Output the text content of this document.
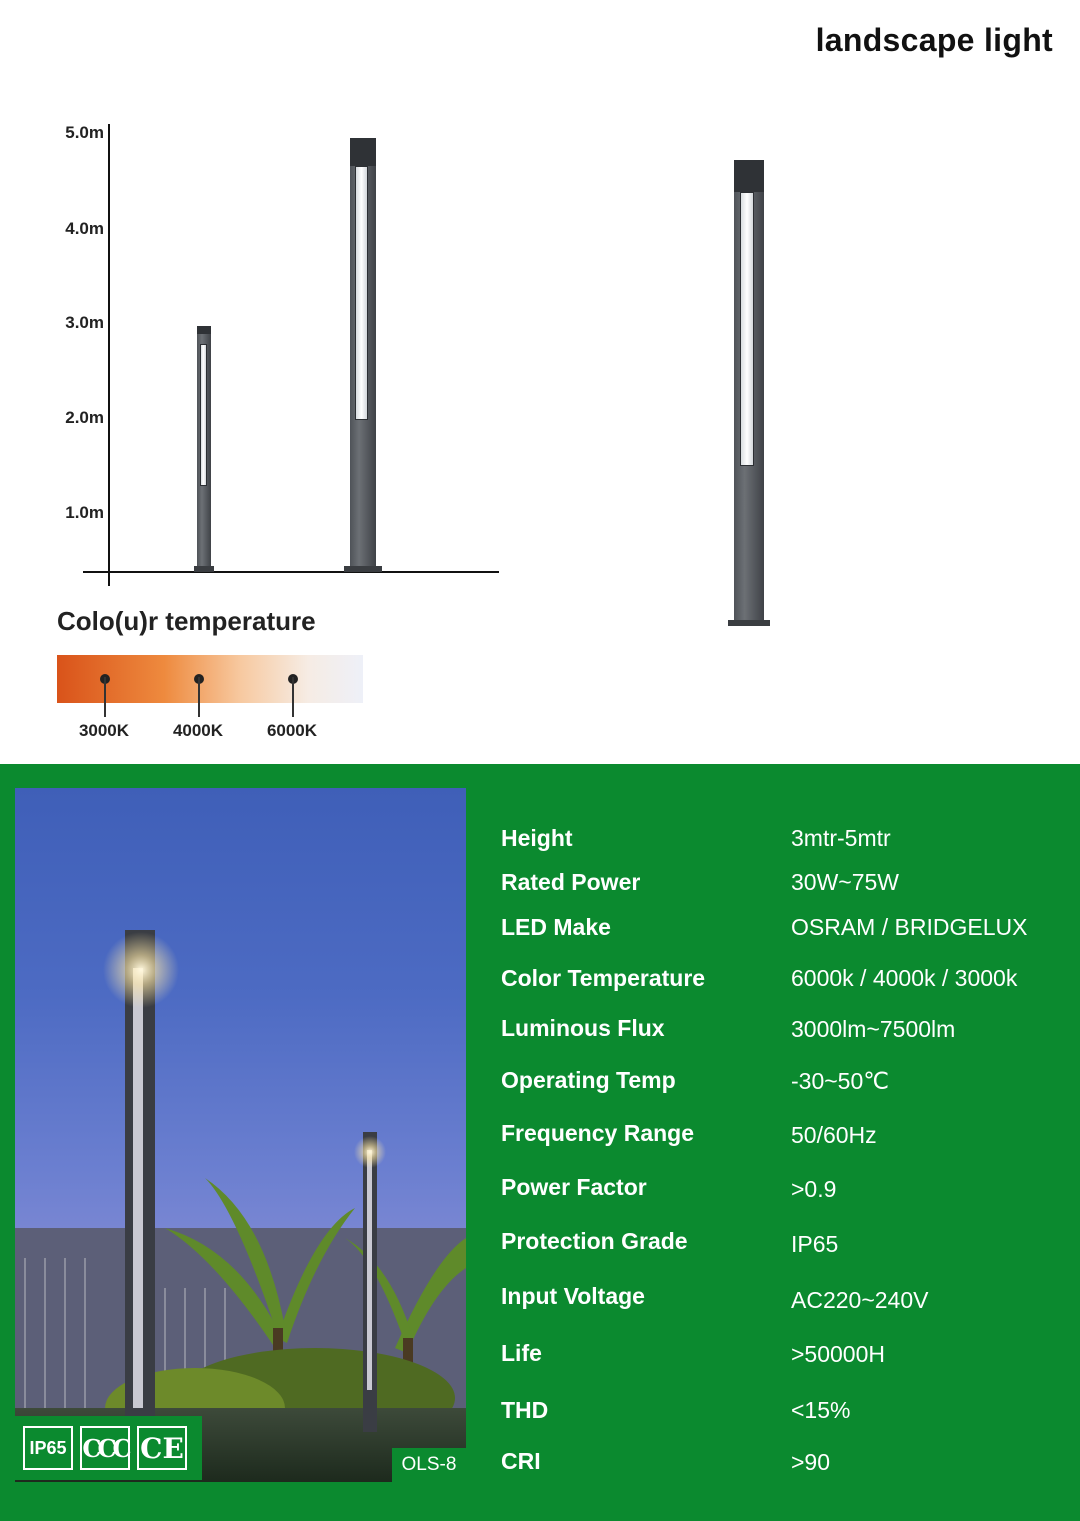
landscape light
5.0m
4.0m
3.0m
2.0m
1.0m
Colo(u)r temperature
3000K	4000K	6000K
IP65 CCC CE	OLS-8
Height	3mtr-5mtr
Rated Power	30W~75W
LED Make	OSRAM / BRIDGELUX
Color Temperature	6000k / 4000k / 3000k
Luminous Flux	3000lm~7500lm
Operating Temp	-30~50℃
Frequency Range	50/60Hz
Power Factor	>0.9
Protection Grade	IP65
Input Voltage	AC220~240V
Life	>50000H
THD	<15%
CRI	>90
